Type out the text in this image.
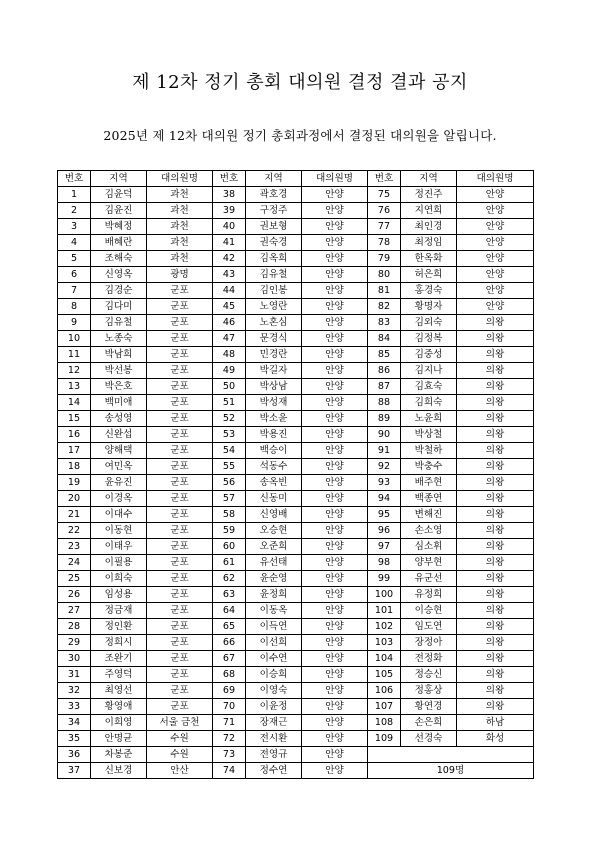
제 12차 정기 총회 대의원 결정 결과 공지
2025년 제 12차 대의원 정기 총회과정에서 결정된 대의원을 알립니다.
번호	지역	대의원명	번호	지역	대의원명	번호	지역	대의원명
1	김윤덕	과천	38	곽호경	안양	75	정진주	안양
2	김윤진	과천	39	구정주	안양	76	지연희	안양
3	박혜정	과천	40	권보형	안양	77	최인경	안양
4	배혜란	과천	41	권숙경	안양	78	최정임	안양
5	조해숙	과천	42	김옥희	안양	79	한옥화	안양
6	신영옥	광명	43	김유철	안양	80	허은희	안양
7	김경순	군포	44	김인봉	안양	81	홍경숙	안양
8	김다미	군포	45	노영란	안양	82	황명자	안양
9	김유철	군포	46	노혼심	안양	83	김외숙	의왕
10	노종숙	군포	47	문경식	안양	84	김정복	의왕
11	박남희	군포	48	민경란	안양	85	김중성	의왕
12	박선봉	군포	49	박길자	안양	86	김지나	의왕
13	박은호	군포	50	박상남	안양	87	김효숙	의왕
14	백미애	군포	51	박성재	안양	88	김희숙	의왕
15	송성영	군포	52	박소윤	안양	89	노윤희	의왕
16	신완섭	군포	53	박용진	안양	90	박상철	의왕
17	양해택	군포	54	백승이	안양	91	박철하	의왕
18	여민옥	군포	55	석동수	안양	92	박충수	의왕
19	윤유진	군포	56	송옥빈	안양	93	배주현	의왕
20	이경옥	군포	57	신동미	안양	94	백종연	의왕
21	이대수	군포	58	신영배	안양	95	변해진	의왕
22	이동현	군포	59	오승현	안양	96	손소영	의왕
23	이태우	군포	60	오준희	안양	97	심소휘	의왕
24	이필용	군포	61	유선태	안양	98	양부현	의왕
25	이희숙	군포	62	윤순영	안양	99	유군선	의왕
26	임성용	군포	63	윤정희	안양	100	유정희	의왕
27	정금재	군포	64	이동옥	안양	101	이승현	의왕
28	정인환	군포	65	이득연	안양	102	임도연	의왕
29	정희시	군포	66	이선희	안양	103	장정아	의왕
30	조완기	군포	67	이수연	안양	104	전정화	의왕
31	주영덕	군포	68	이승희	안양	105	정승신	의왕
32	최영선	군포	69	이영숙	안양	106	정홍상	의왕
33	황영애	군포	70	이윤정	안양	107	황연경	의왕
34	이희영	서울 금천	71	장재근	안양	108	손은희	하남
35	안명균	수원	72	전시환	안양	109	선경숙	화성
36	차봉준	수원	73	전영규	안양			
37	신보경	안산	74	정수연	안양	109명		
